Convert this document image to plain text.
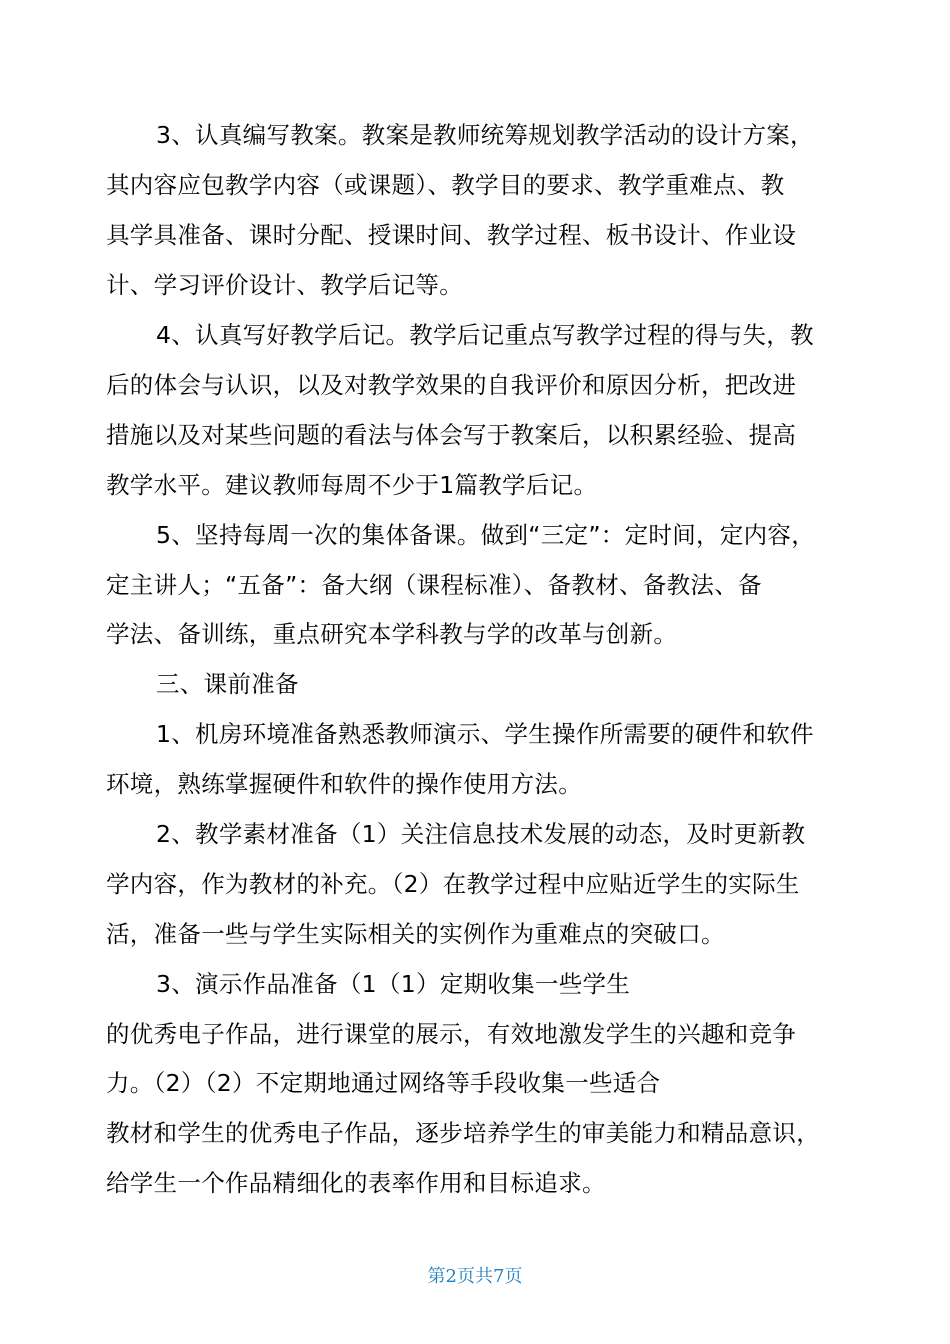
3、认真编写教案。教案是教师统筹规划教学活动的设计方案，
其内容应包教学内容（或课题）、教学目的要求、教学重难点、教
具学具准备、课时分配、授课时间、教学过程、板书设计、作业设
计、学习评价设计、教学后记等。
4、认真写好教学后记。教学后记重点写教学过程的得与失，教
后的体会与认识，以及对教学效果的自我评价和原因分析，把改进
措施以及对某些问题的看法与体会写于教案后，以积累经验、提高
教学水平。建议教师每周不少于1篇教学后记。
5、坚持每周一次的集体备课。做到“三定”：定时间，定内容，
定主讲人；“五备”：备大纲（课程标准）、备教材、备教法、备
学法、备训练，重点研究本学科教与学的改革与创新。
三、课前准备
1、机房环境准备熟悉教师演示、学生操作所需要的硬件和软件
环境，熟练掌握硬件和软件的操作使用方法。
2、教学素材准备（1）关注信息技术发展的动态，及时更新教
学内容，作为教材的补充。（2）在教学过程中应贴近学生的实际生
活，准备一些与学生实际相关的实例作为重难点的突破口。
3、演示作品准备（1（1）定期收集一些学生
的优秀电子作品，进行课堂的展示，有效地激发学生的兴趣和竞争
力。（2）（2）不定期地通过网络等手段收集一些适合
教材和学生的优秀电子作品，逐步培养学生的审美能力和精品意识，
给学生一个作品精细化的表率作用和目标追求。
第2页共7页
